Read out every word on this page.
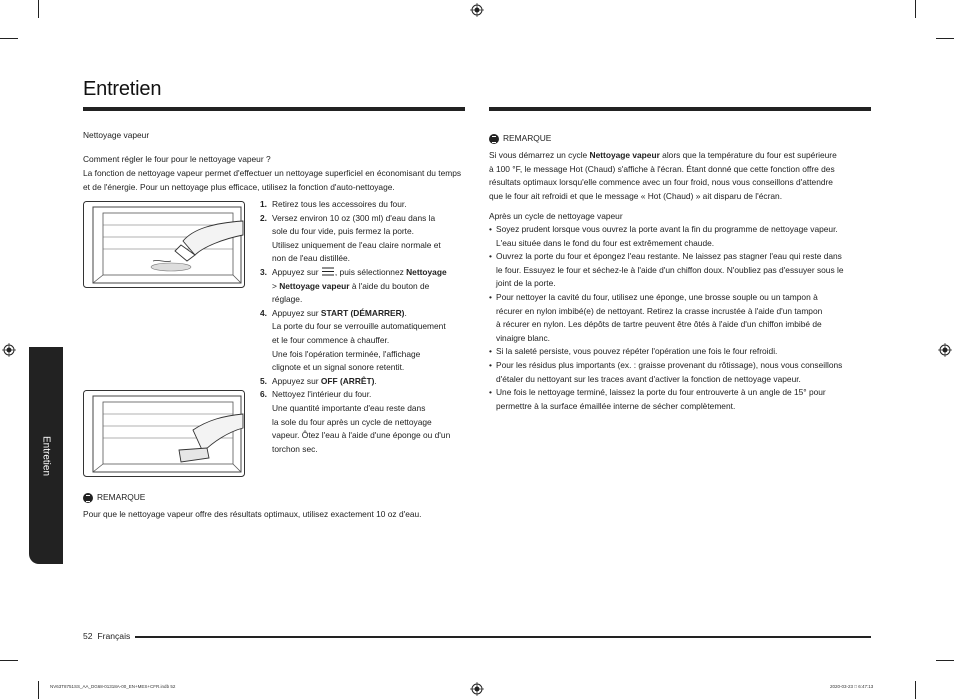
Entretien
Entretien
Nettoyage vapeur
Comment régler le four pour le nettoyage vapeur ?
La fonction de nettoyage vapeur permet d'effectuer un nettoyage superficiel en économisant du temps et de l'énergie. Pour un nettoyage plus efficace, utilisez la fonction d'auto-nettoyage.
1. Retirez tous les accessoires du four.

2. Versez environ 10 oz (300 ml) d'eau dans la

sole du four vide, puis fermez la porte.

Utilisez uniquement de l'eau claire normale et

non de l'eau distillée.

3. Appuyez sur , puis sélectionnez Nettoyage

> Nettoyage vapeur à l'aide du bouton de

réglage.

4. Appuyez sur START (DÉMARRER).

La porte du four se verrouille automatiquement

et le four commence à chauffer.

Une fois l'opération terminée, l'affichage

clignote et un signal sonore retentit.

5. Appuyez sur OFF (ARRÊT).

6. Nettoyez l'intérieur du four.

Une quantité importante d'eau reste dans

la sole du four après un cycle de nettoyage

vapeur. Ôtez l'eau à l'aide d'une éponge ou d'un

torchon sec.

REMARQUE
Pour que le nettoyage vapeur offre des résultats optimaux, utilisez exactement 10 oz d'eau.
REMARQUE

Si vous démarrez un cycle Nettoyage vapeur alors que la température du four est supérieure

à 100 °F, le message Hot (Chaud) s'affiche à l'écran. Étant donné que cette fonction offre des

résultats optimaux lorsqu'elle commence avec un four froid, nous vous conseillons d'attendre

que le four ait refroidi et que le message « Hot (Chaud) » ait disparu de l'écran.

Après un cycle de nettoyage vapeur

• Soyez prudent lorsque vous ouvrez la porte avant la fin du programme de nettoyage vapeur.

L'eau située dans le fond du four est extrêmement chaude.

• Ouvrez la porte du four et épongez l'eau restante. Ne laissez pas stagner l'eau qui reste dans

le four. Essuyez le four et séchez-le à l'aide d'un chiffon doux. N'oubliez pas d'essuyer sous le

joint de la porte.

• Pour nettoyer la cavité du four, utilisez une éponge, une brosse souple ou un tampon à

récurer en nylon imbibé(e) de nettoyant. Retirez la crasse incrustée à l'aide d'un tampon

à récurer en nylon. Les dépôts de tartre peuvent être ôtés à l'aide d'un chiffon imbibé de

vinaigre blanc.

• Si la saleté persiste, vous pouvez répéter l'opération une fois le four refroidi.

• Pour les résidus plus importants (ex. : graisse provenant du rôtissage), nous vous conseillons

d'étaler du nettoyant sur les traces avant d'activer la fonction de nettoyage vapeur.

• Une fois le nettoyage terminé, laissez la porte du four entrouverte à un angle de 15° pour

permettre à la surface émaillée interne de sécher complètement.

52 Français
NV63T8751SS_AA_DG68-01318A-00_EN+MES+CFR.indb 52	2020-03-23 □ 6:47:13
